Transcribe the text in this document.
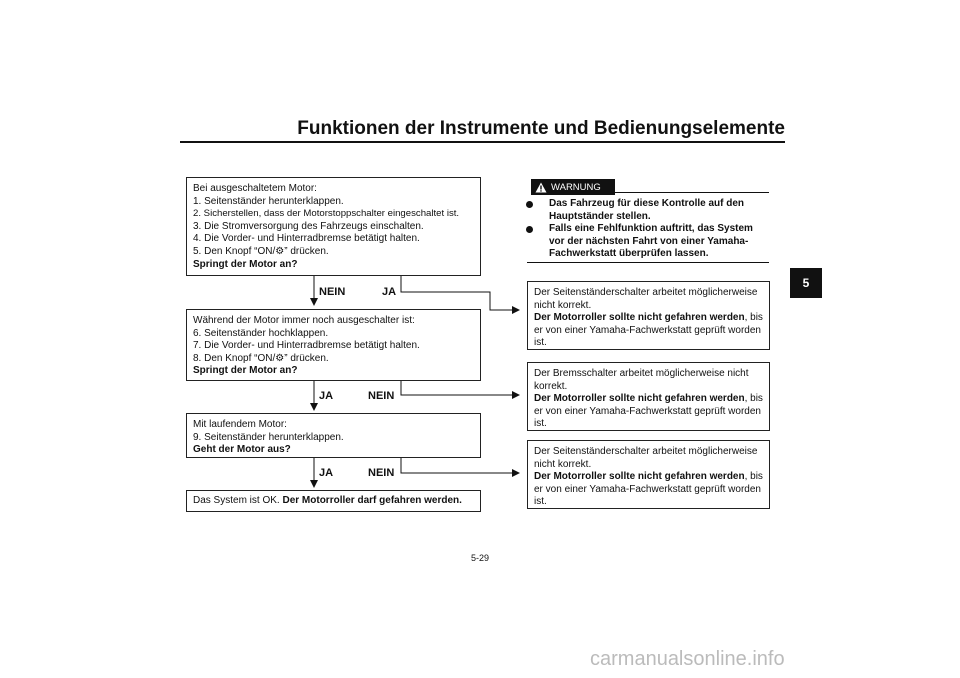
Funktionen der Instrumente und Bedienungselemente
5
Bei ausgeschaltetem Motor:
1. Seitenständer herunterklappen.
2. Sicherstellen, dass der Motorstoppschalter eingeschaltet ist.
3. Die Stromversorgung des Fahrzeugs einschalten.
4. Die Vorder- und Hinterradbremse betätigt halten.
5. Den Knopf “ON/⚙” drücken.
Springt der Motor an?
NEIN	JA
Während der Motor immer noch ausgeschalter ist:
6. Seitenständer hochklappen.
7. Die Vorder- und Hinterradbremse betätigt halten.
8. Den Knopf “ON/⚙” drücken.
Springt der Motor an?
JA	NEIN
Mit laufendem Motor:
9. Seitenständer herunterklappen.
Geht der Motor aus?
JA	NEIN
Das System ist OK. Der Motorroller darf gefahren werden.
WARNUNG
Das Fahrzeug für diese Kontrolle auf den Hauptständer stellen.
Falls eine Fehlfunktion auftritt, das System vor der nächsten Fahrt von einer Yamaha-Fachwerkstatt überprüfen lassen.
Der Seitenständerschalter arbeitet möglicherweise nicht korrekt.
Der Motorroller sollte nicht gefahren werden, bis er von einer Yamaha-Fachwerkstatt geprüft worden ist.
Der Bremsschalter arbeitet möglicherweise nicht korrekt.
Der Motorroller sollte nicht gefahren werden, bis er von einer Yamaha-Fachwerkstatt geprüft worden ist.
Der Seitenständerschalter arbeitet möglicherweise nicht korrekt.
Der Motorroller sollte nicht gefahren werden, bis er von einer Yamaha-Fachwerkstatt geprüft worden ist.
5-29
carmanualsonline.info
